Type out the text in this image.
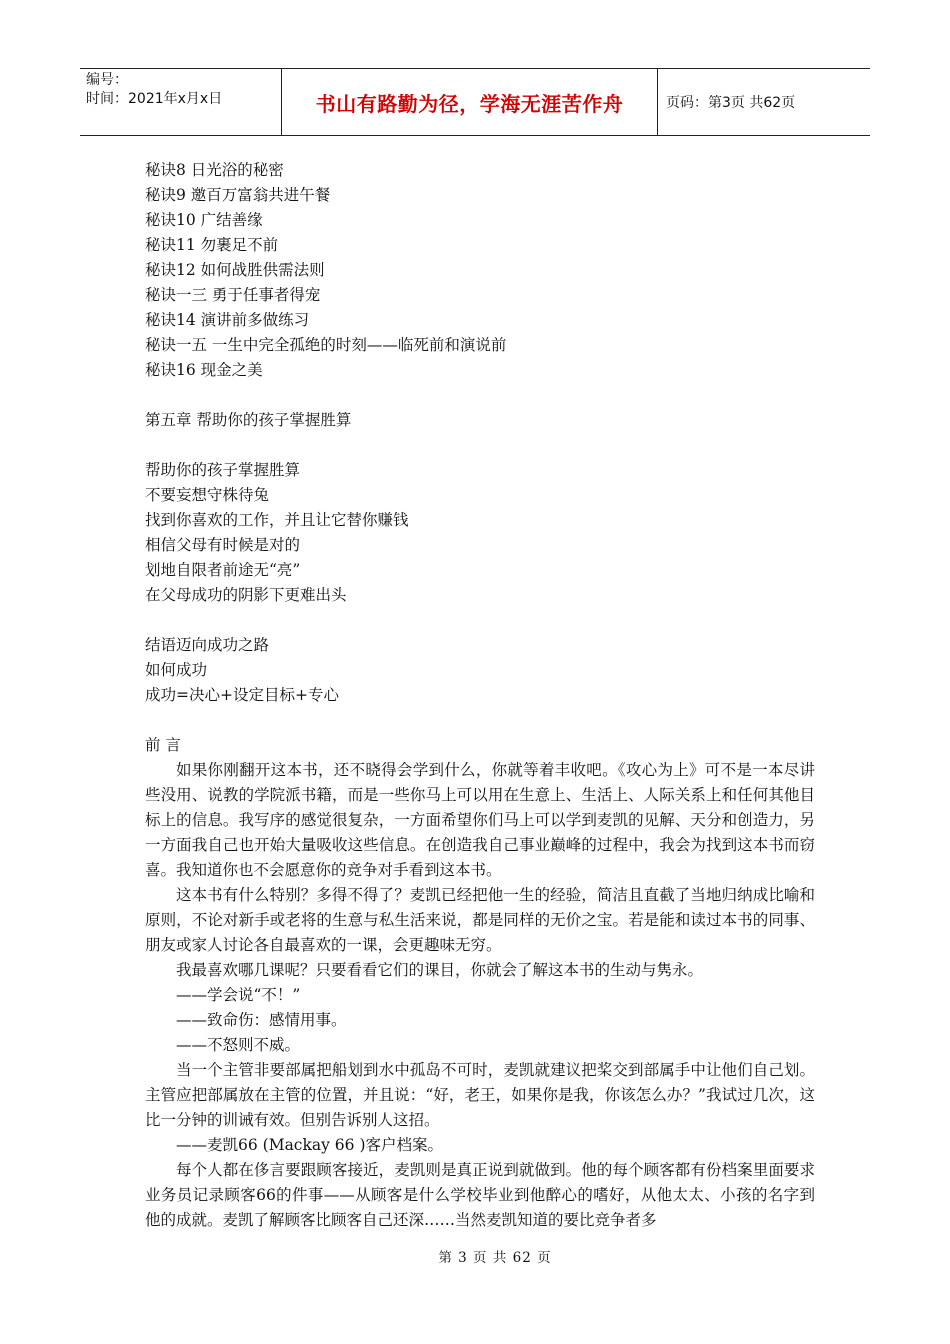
编号：
时间：2021年x月x日	书山有路勤为径，学海无涯苦作舟	页码：第3页 共62页
秘诀8 日光浴的秘密
秘诀9 邀百万富翁共进午餐
秘诀10 广结善缘
秘诀11 勿裹足不前
秘诀12 如何战胜供需法则
秘诀一三 勇于任事者得宠
秘诀14 演讲前多做练习
秘诀一五 一生中完全孤绝的时刻——临死前和演说前
秘诀16 现金之美
第五章 帮助你的孩子掌握胜算
帮助你的孩子掌握胜算
不要妄想守株待兔
找到你喜欢的工作，并且让它替你赚钱
相信父母有时候是对的
划地自限者前途无“亮”
在父母成功的阴影下更难出头
结语迈向成功之路
如何成功
成功=决心+设定目标+专心
前 言
如果你刚翻开这本书，还不晓得会学到什么，你就等着丰收吧。《攻心为上》可不是一本尽讲些没用、说教的学院派书籍，而是一些你马上可以用在生意上、生活上、人际关系上和任何其他目标上的信息。我写序的感觉很复杂，一方面希望你们马上可以学到麦凯的见解、天分和创造力，另一方面我自己也开始大量吸收这些信息。在创造我自己事业巅峰的过程中，我会为找到这本书而窃喜。我知道你也不会愿意你的竞争对手看到这本书。
这本书有什么特别？多得不得了？麦凯已经把他一生的经验，简洁且直截了当地归纳成比喻和原则，不论对新手或老将的生意与私生活来说，都是同样的无价之宝。若是能和读过本书的同事、朋友或家人讨论各自最喜欢的一课，会更趣味无穷。
我最喜欢哪几课呢？只要看看它们的课目，你就会了解这本书的生动与隽永。
——学会说“不！”
——致命伤：感情用事。
——不怒则不威。
当一个主管非要部属把船划到水中孤岛不可时，麦凯就建议把桨交到部属手中让他们自己划。主管应把部属放在主管的位置，并且说：“好，老王，如果你是我，你该怎么办？”我试过几次，这比一分钟的训诫有效。但别告诉别人这招。
——麦凯66 (Mackay 66 )客户档案。
每个人都在侈言要跟顾客接近，麦凯则是真正说到就做到。他的每个顾客都有份档案里面要求业务员记录顾客66的件事——从顾客是什么学校毕业到他醉心的嗜好，从他太太、小孩的名字到他的成就。麦凯了解顾客比顾客自己还深……当然麦凯知道的要比竞争者多
第 3 页 共 62 页
